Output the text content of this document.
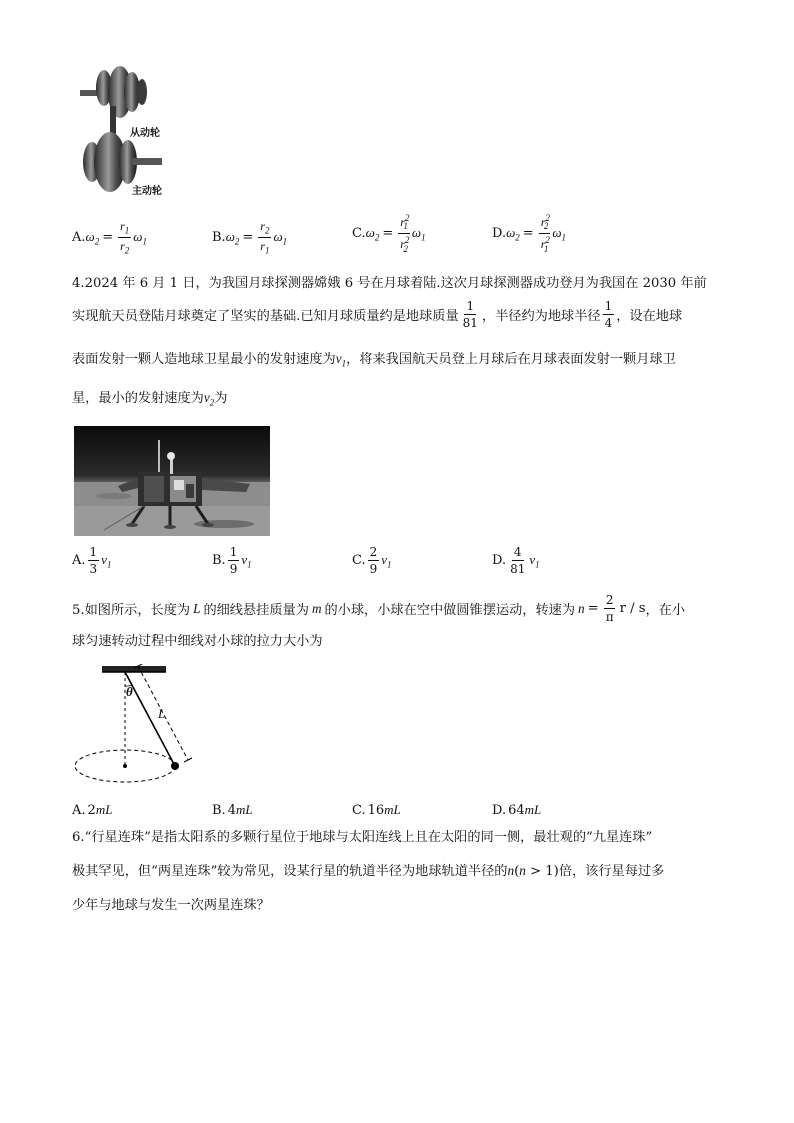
从动轮
主动轮
A. $\omega_2 = \frac{r_1}{r_2} \omega_1$	B. $\omega_2 = \frac{r_2}{r_1} \omega_1$
C. $\omega_2 = \frac{r^2_1}{r^2_2} \omega_1$	D. $\omega_2 = \frac{r^2_2}{r^2_1} \omega_1$
4.2024 年 6 月 1 日，为我国月球探测器嫦娥 6 号在月球着陆.这次月球探测器成功登月为我国在 2030 年前
实现航天员登陆月球奠定了坚实的基础.已知月球质量约是地球质量 $\frac{1}{81}$ ，半径约为地球半径 $\frac{1}{4}$ ，设在地球
表面发射一颗人造地球卫星最小的发射速度为$v_1$，将来我国航天员登上月球后在月球表面发射一颗月球卫
星，最小的发射速度为$v_2$为
A. $\frac{1}{3} v_1$	B. $\frac{1}{9} v_1$	C. $\frac{2}{9} v_1$	D. $\frac{4}{81} v_1$
5.如图所示，长度为 L 的细线悬挂质量为 m 的小球，小球在空中做圆锥摆运动，转速为 $n = \frac{2}{\pi}$ r / s ，在小
球匀速转动过程中细线对小球的拉力大小为
θ
L
A. 2 mL	B. 4 mL	C. 16 mL	D. 64 mL
6.“行星连珠”是指太阳系的多颗行星位于地球与太阳连线上且在太阳的同一侧，最壮观的“九星连珠”
极其罕见，但“两星连珠”较为常见，设某行星的轨道半径为地球轨道半径的n(n > 1)倍，该行星每过多
少年与地球与发生一次两星连珠？
